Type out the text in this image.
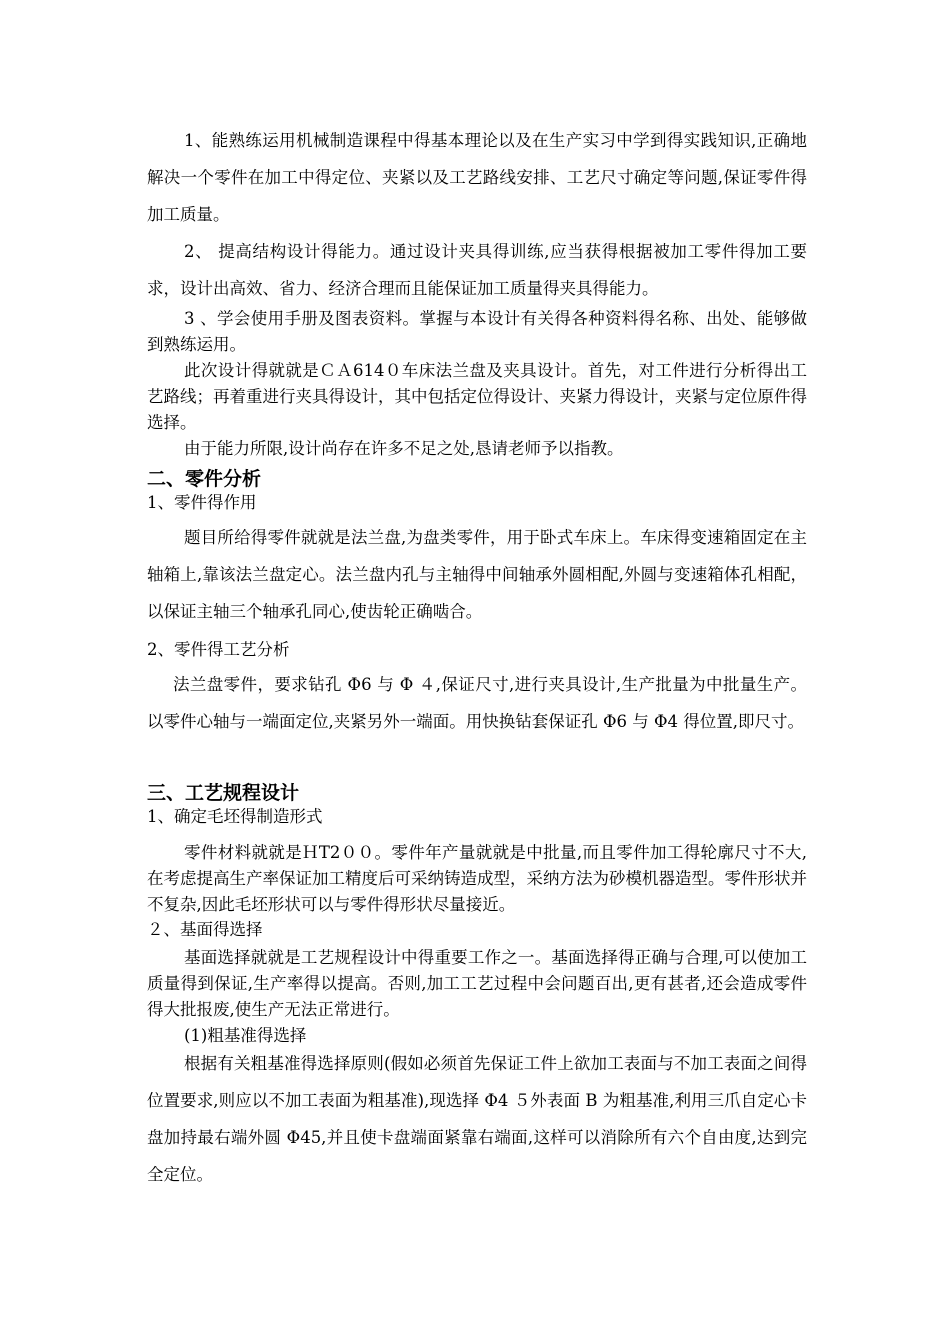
1、能熟练运用机械制造课程中得基本理论以及在生产实习中学到得实践知识,正确地解决一个零件在加工中得定位、夹紧以及工艺路线安排、工艺尺寸确定等问题,保证零件得加工质量。

2、 提高结构设计得能力。通过设计夹具得训练,应当获得根据被加工零件得加工要求，设计出高效、省力、经济合理而且能保证加工质量得夹具得能力。

3 、学会使用手册及图表资料。掌握与本设计有关得各种资料得名称、出处、能够做到熟练运用。

此次设计得就就是ＣＡ614０车床法兰盘及夹具设计。首先，对工件进行分析得出工艺路线；再着重进行夹具得设计，其中包括定位得设计、夹紧力得设计，夹紧与定位原件得选择。

由于能力所限,设计尚存在许多不足之处,恳请老师予以指教。

二、零件分析

1、零件得作用

题目所给得零件就就是法兰盘,为盘类零件，用于卧式车床上。车床得变速箱固定在主轴箱上,靠该法兰盘定心。法兰盘内孔与主轴得中间轴承外圆相配,外圆与变速箱体孔相配，以保证主轴三个轴承孔同心,使齿轮正确啮合。

2、零件得工艺分析

法兰盘零件，要求钻孔 Φ6 与 Φ ４,保证尺寸,进行夹具设计,生产批量为中批量生产。以零件心轴与一端面定位,夹紧另外一端面。用快换钻套保证孔 Φ6 与 Φ4 得位置,即尺寸。

三、工艺规程设计

1、确定毛坯得制造形式

零件材料就就是ＨT2００。零件年产量就就是中批量,而且零件加工得轮廓尺寸不大,在考虑提高生产率保证加工精度后可采纳铸造成型，采纳方法为砂模机器造型。零件形状并不复杂,因此毛坯形状可以与零件得形状尽量接近。

２、基面得选择

基面选择就就是工艺规程设计中得重要工作之一。基面选择得正确与合理,可以使加工质量得到保证,生产率得以提高。否则,加工工艺过程中会问题百出,更有甚者,还会造成零件得大批报废,使生产无法正常进行。

(1)粗基准得选择

根据有关粗基准得选择原则(假如必须首先保证工件上欲加工表面与不加工表面之间得位置要求,则应以不加工表面为粗基准),现选择 Φ4 ５外表面 B 为粗基准,利用三爪自定心卡盘加持最右端外圆 Φ45,并且使卡盘端面紧靠右端面,这样可以消除所有六个自由度,达到完全定位。
